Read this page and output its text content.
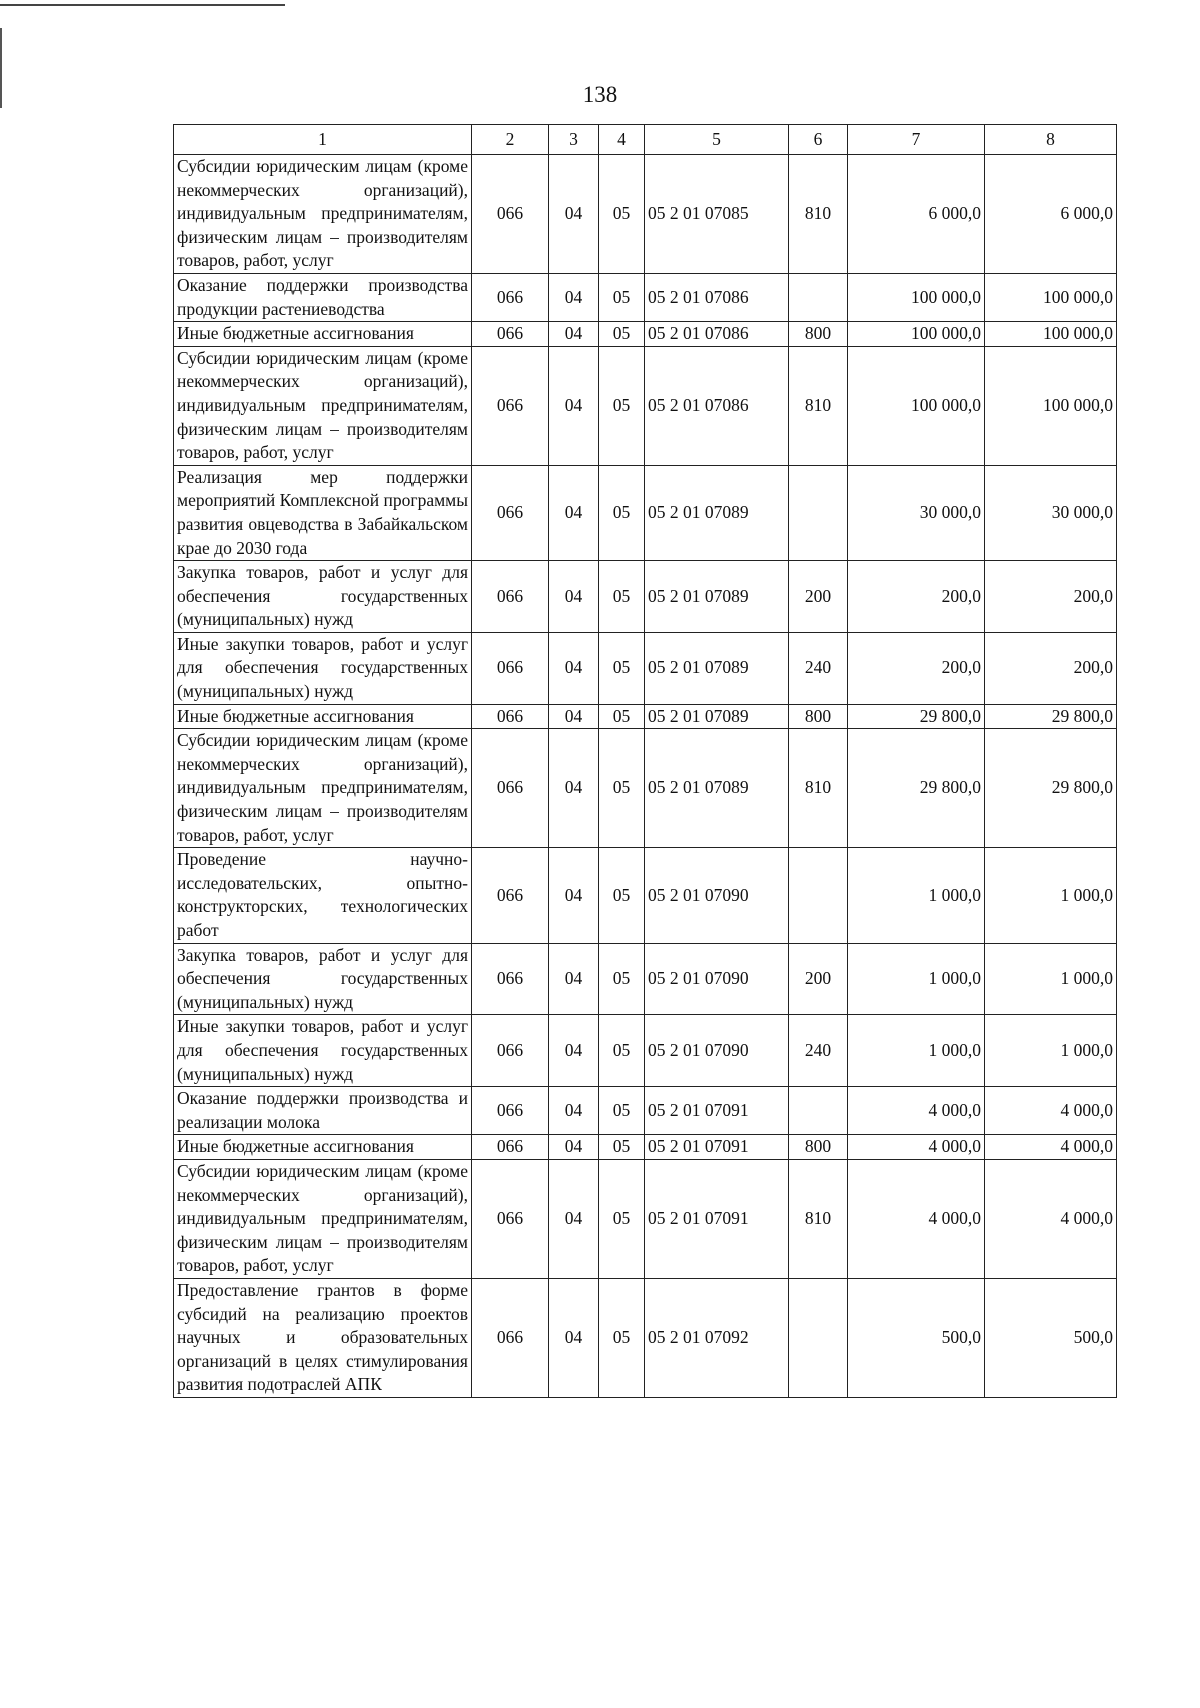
138
1	2	3	4	5	6	7	8
Субсидии юридическим лицам (кроме некоммерческих организаций), индивидуальным предпринимателям, физическим лицам – производителям товаров, работ, услуг	066	04	05	05 2 01 07085	810	6 000,0	6 000,0
Оказание поддержки производства продукции растениеводства	066	04	05	05 2 01 07086		100 000,0	100 000,0
Иные бюджетные ассигнования	066	04	05	05 2 01 07086	800	100 000,0	100 000,0
Субсидии юридическим лицам (кроме некоммерческих организаций), индивидуальным предпринимателям, физическим лицам – производителям товаров, работ, услуг	066	04	05	05 2 01 07086	810	100 000,0	100 000,0
Реализация мер поддержки мероприятий Комплексной программы развития овцеводства в Забайкальском крае до 2030 года	066	04	05	05 2 01 07089		30 000,0	30 000,0
Закупка товаров, работ и услуг для обеспечения государственных (муниципальных) нужд	066	04	05	05 2 01 07089	200	200,0	200,0
Иные закупки товаров, работ и услуг для обеспечения государственных (муниципальных) нужд	066	04	05	05 2 01 07089	240	200,0	200,0
Иные бюджетные ассигнования	066	04	05	05 2 01 07089	800	29 800,0	29 800,0
Субсидии юридическим лицам (кроме некоммерческих организаций), индивидуальным предпринимателям, физическим лицам – производителям товаров, работ, услуг	066	04	05	05 2 01 07089	810	29 800,0	29 800,0
Проведение научно-исследовательских, опытно-конструкторских, технологических работ	066	04	05	05 2 01 07090		1 000,0	1 000,0
Закупка товаров, работ и услуг для обеспечения государственных (муниципальных) нужд	066	04	05	05 2 01 07090	200	1 000,0	1 000,0
Иные закупки товаров, работ и услуг для обеспечения государственных (муниципальных) нужд	066	04	05	05 2 01 07090	240	1 000,0	1 000,0
Оказание поддержки производства и реализации молока	066	04	05	05 2 01 07091		4 000,0	4 000,0
Иные бюджетные ассигнования	066	04	05	05 2 01 07091	800	4 000,0	4 000,0
Субсидии юридическим лицам (кроме некоммерческих организаций), индивидуальным предпринимателям, физическим лицам – производителям товаров, работ, услуг	066	04	05	05 2 01 07091	810	4 000,0	4 000,0
Предоставление грантов в форме субсидий на реализацию проектов научных и образовательных организаций в целях стимулирования развития подотраслей АПК	066	04	05	05 2 01 07092		500,0	500,0
